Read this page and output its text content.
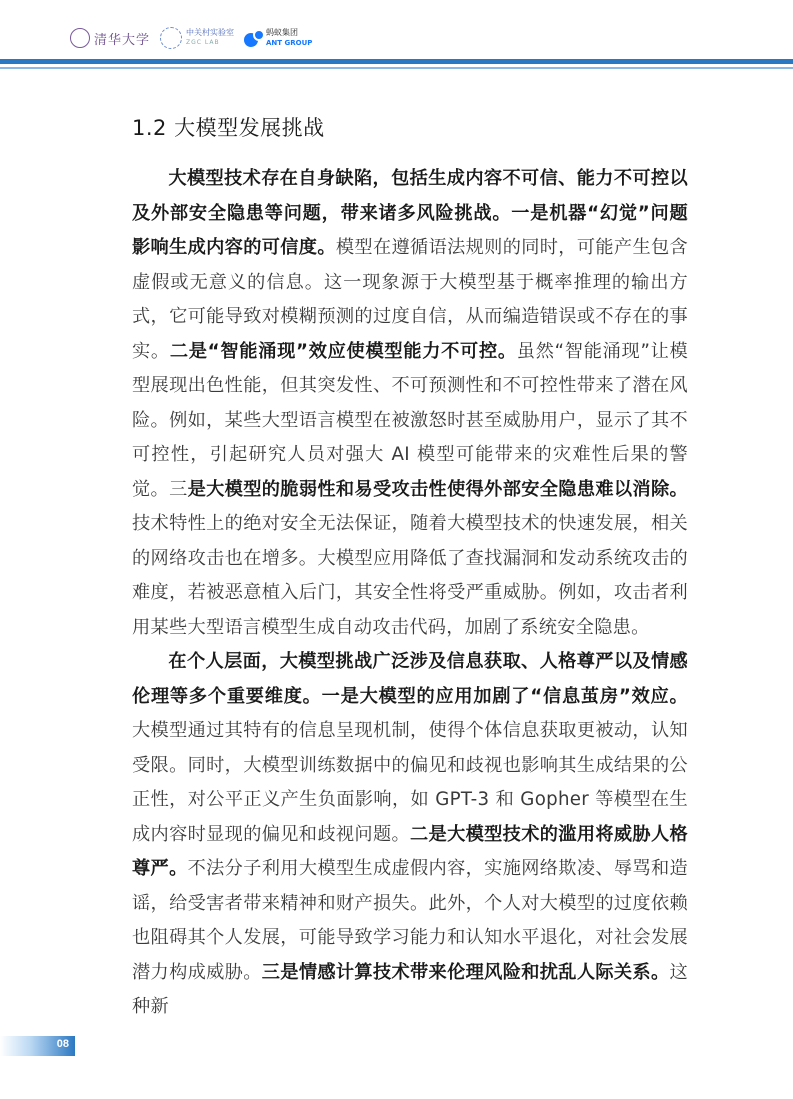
清华大学	中关村实验室
ZGC LAB
蚂蚁集团
ANT GROUP
1.2 大模型发展挑战

大模型技术存在自身缺陷，包括生成内容不可信、能力不可控以及外部安全隐患等问题，带来诸多风险挑战。一是机器“幻觉”问题影响生成内容的可信度。模型在遵循语法规则的同时，可能产生包含虚假或无意义的信息。这一现象源于大模型基于概率推理的输出方式，它可能导致对模糊预测的过度自信，从而编造错误或不存在的事实。二是“智能涌现”效应使模型能力不可控。虽然“智能涌现”让模型展现出色性能，但其突发性、不可预测性和不可控性带来了潜在风险。例如，某些大型语言模型在被激怒时甚至威胁用户，显示了其不可控性，引起研究人员对强大 AI 模型可能带来的灾难性后果的警觉。三是大模型的脆弱性和易受攻击性使得外部安全隐患难以消除。技术特性上的绝对安全无法保证，随着大模型技术的快速发展，相关的网络攻击也在增多。大模型应用降低了查找漏洞和发动系统攻击的难度，若被恶意植入后门，其安全性将受严重威胁。例如，攻击者利用某些大型语言模型生成自动攻击代码，加剧了系统安全隐患。

在个人层面，大模型挑战广泛涉及信息获取、人格尊严以及情感伦理等多个重要维度。一是大模型的应用加剧了“信息茧房”效应。大模型通过其特有的信息呈现机制，使得个体信息获取更被动，认知受限。同时，大模型训练数据中的偏见和歧视也影响其生成结果的公正性，对公平正义产生负面影响，如 GPT-3 和 Gopher 等模型在生成内容时显现的偏见和歧视问题。二是大模型技术的滥用将威胁人格尊严。不法分子利用大模型生成虚假内容，实施网络欺凌、辱骂和造谣，给受害者带来精神和财产损失。此外，个人对大模型的过度依赖也阻碍其个人发展，可能导致学习能力和认知水平退化，对社会发展潜力构成威胁。三是情感计算技术带来伦理风险和扰乱人际关系。这种新

08
